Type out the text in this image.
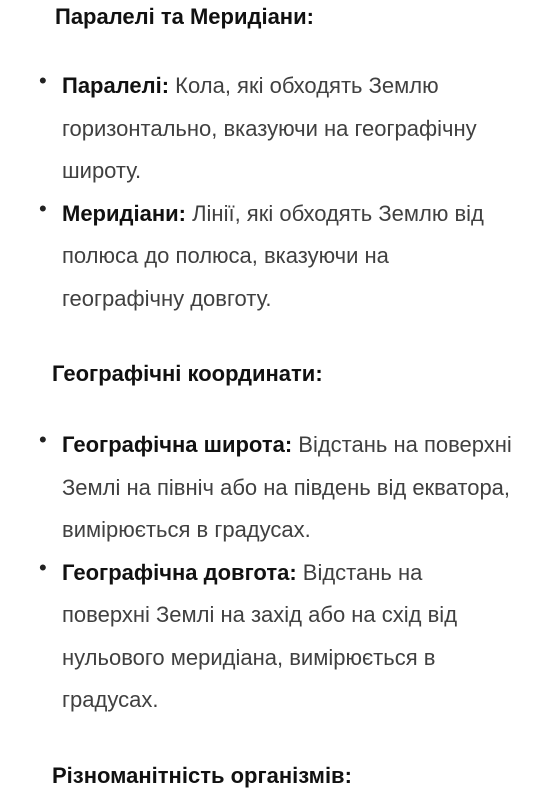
Паралелі та Меридіани:
• Паралелі: Кола, які обходять Землю горизонтально, вказуючи на географічну широту.
• Меридіани: Лінії, які обходять Землю від полюса до полюса, вказуючи на географічну довготу.
Географічні координати:
• Географічна широта: Відстань на поверхні Землі на північ або на південь від екватора, вимірюється в градусах.
• Географічна довгота: Відстань на поверхні Землі на захід або на схід від нульового меридіана, вимірюється в градусах.
Різноманітність організмів:
